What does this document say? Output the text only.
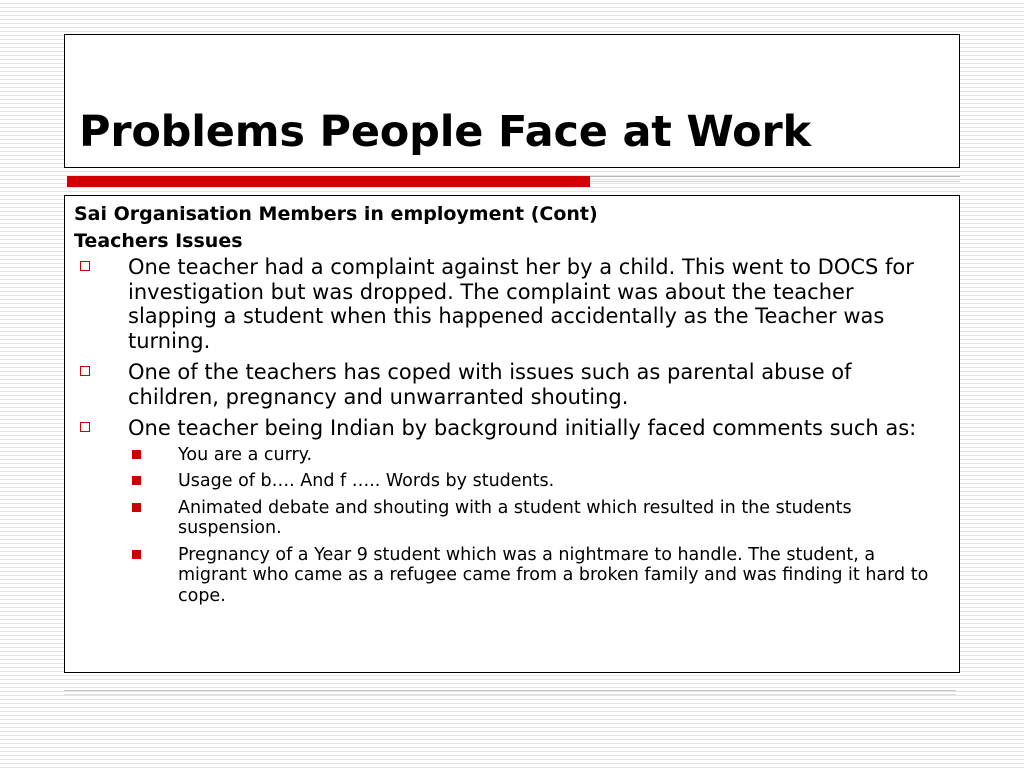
Problems People Face at Work
Sai Organisation Members in employment (Cont)
Teachers Issues
One teacher had a complaint against her by a child. This went to DOCS for investigation but was dropped. The complaint was about the teacher slapping a student when this happened accidentally as the Teacher was turning.
One of the teachers has coped with issues such as parental abuse of children, pregnancy and unwarranted shouting.
One teacher being Indian by background initially faced comments such as:
You are a curry.
Usage of b…. And f ….. Words by students.
Animated debate and shouting with a student which resulted in the students suspension.
Pregnancy of a Year 9 student which was a nightmare to handle. The student, a migrant who came as a refugee came from a broken family and was finding it hard to cope.
